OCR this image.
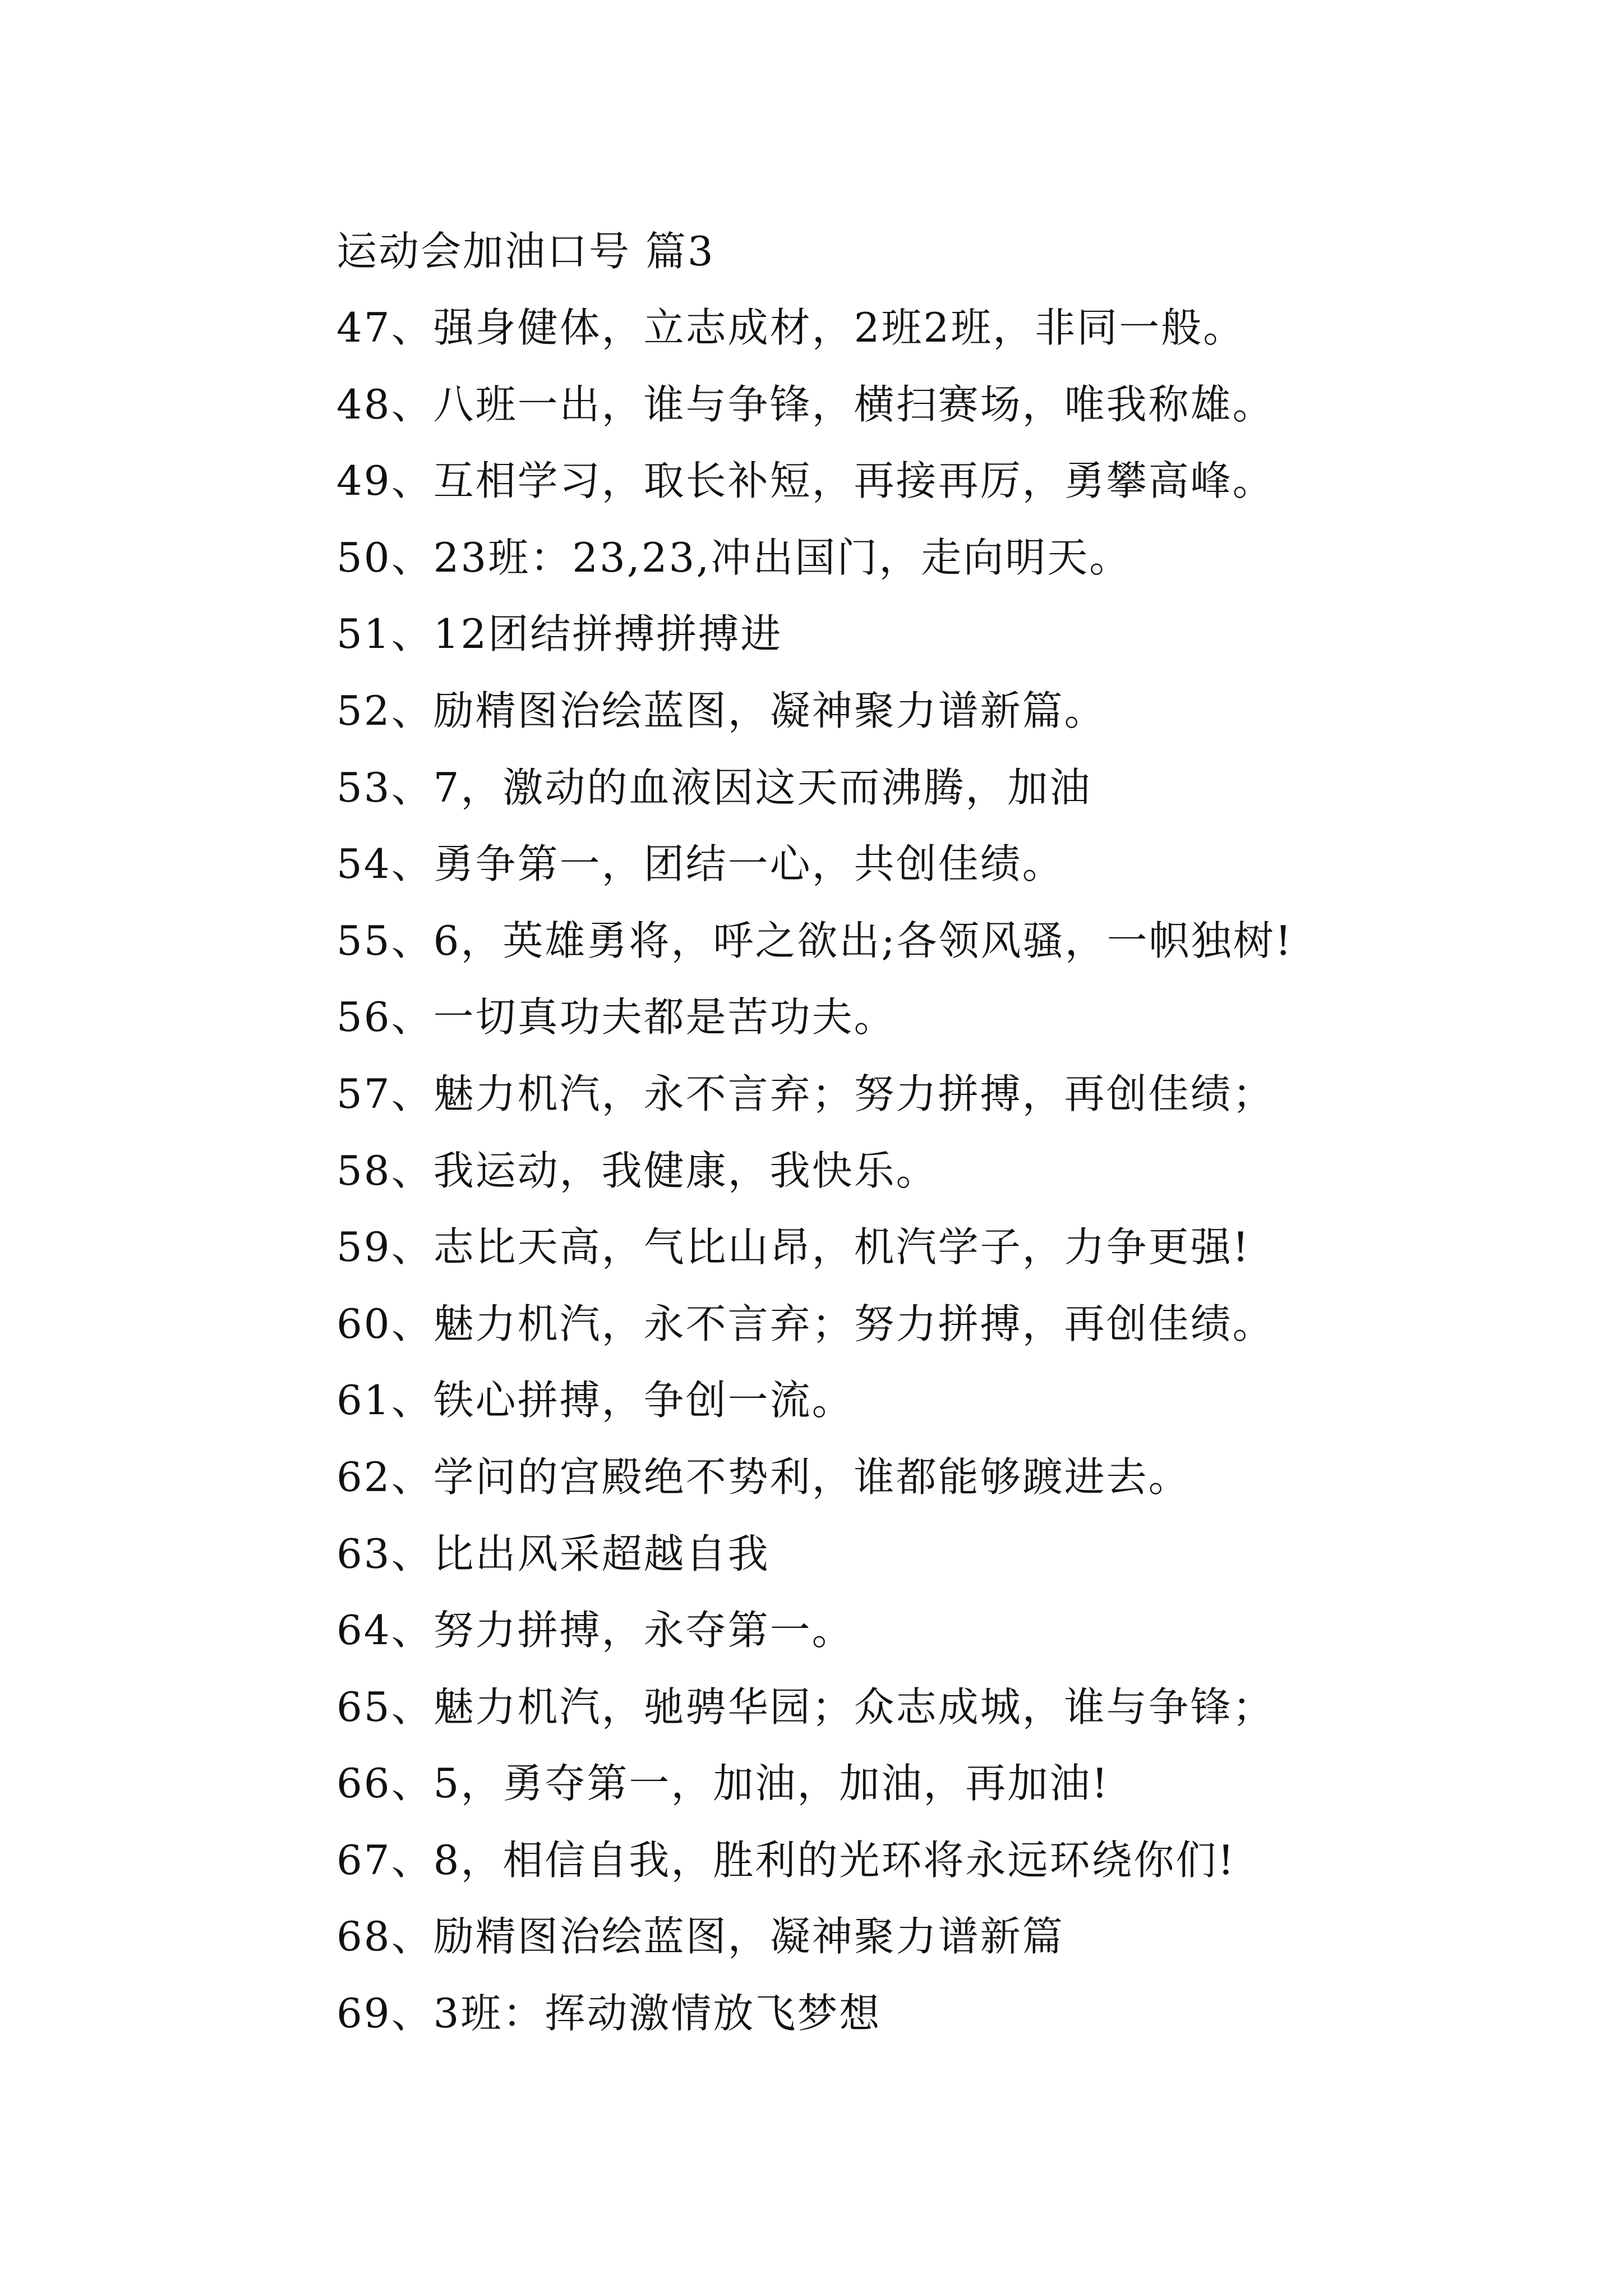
运动会加油口号 篇3
47、强身健体，立志成材，2班2班，非同一般。
48、八班一出，谁与争锋，横扫赛场，唯我称雄。
49、互相学习，取长补短，再接再厉，勇攀高峰。
50、23班：23,23,冲出国门，走向明天。
51、12团结拼搏拼搏进
52、励精图治绘蓝图，凝神聚力谱新篇。
53、7，激动的血液因这天而沸腾，加油
54、勇争第一，团结一心，共创佳绩。
55、6，英雄勇将，呼之欲出;各领风骚，一帜独树!
56、一切真功夫都是苦功夫。
57、魅力机汽，永不言弃；努力拼搏，再创佳绩；
58、我运动，我健康，我快乐。
59、志比天高，气比山昂，机汽学子，力争更强!
60、魅力机汽，永不言弃；努力拼搏，再创佳绩。
61、铁心拼搏，争创一流。
62、学问的宫殿绝不势利，谁都能够踱进去。
63、比出风采超越自我
64、努力拼搏，永夺第一。
65、魅力机汽，驰骋华园；众志成城，谁与争锋；
66、5，勇夺第一，加油，加油，再加油!
67、8，相信自我，胜利的光环将永远环绕你们!
68、励精图治绘蓝图，凝神聚力谱新篇
69、3班：挥动激情放飞梦想
